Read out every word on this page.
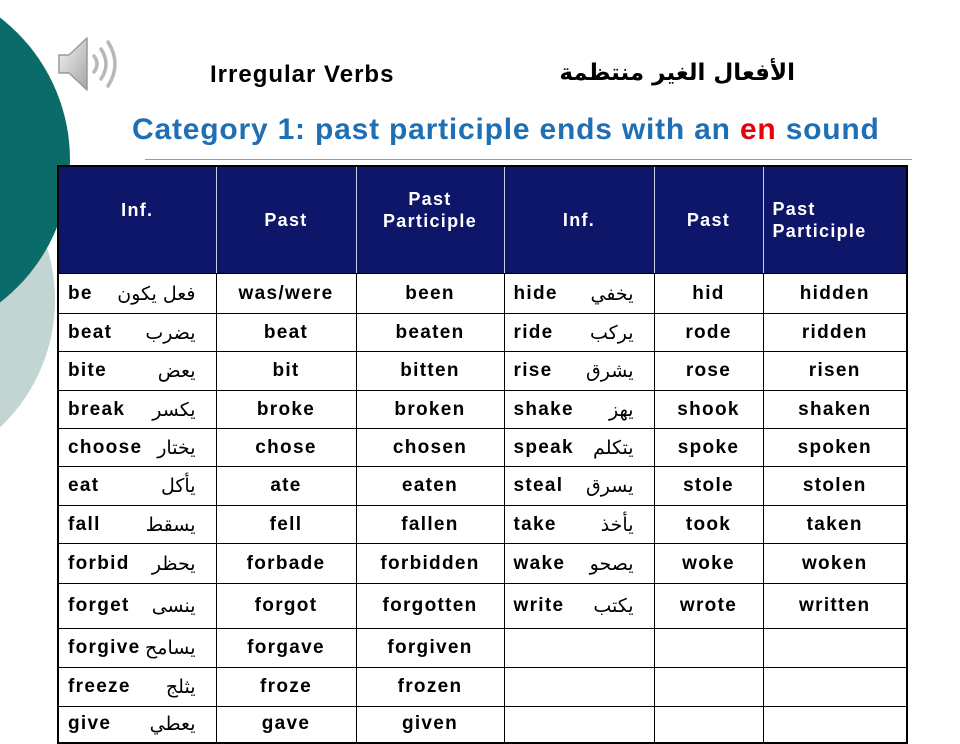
Irregular Verbs	الأفعال الغير منتظمة
Category 1: past participle ends with an en sound
Inf.	Past	Past Participle	Inf.	Past	Past Participle

be فعل يكون	was/were	been	hide يخفي	hid	hidden

beat يضرب	beat	beaten	ride يركب	rode	ridden

bite يعض	bit	bitten	rise يشرق	rose	risen

break يكسر	broke	broken	shake يهز	shook	shaken

choose يختار	chose	chosen	speak يتكلم	spoke	spoken

eat يأكل	ate	eaten	steal يسرق	stole	stolen

fall يسقط	fell	fallen	take يأخذ	took	taken

forbid يحظر	forbade	forbidden	wake يصحو	woke	woken

forget ينسى	forgot	forgotten	write يكتب	wrote	written

forgive يسامح	forgave	forgiven			

freeze يثلج	froze	frozen			

give يعطي	gave	given			
